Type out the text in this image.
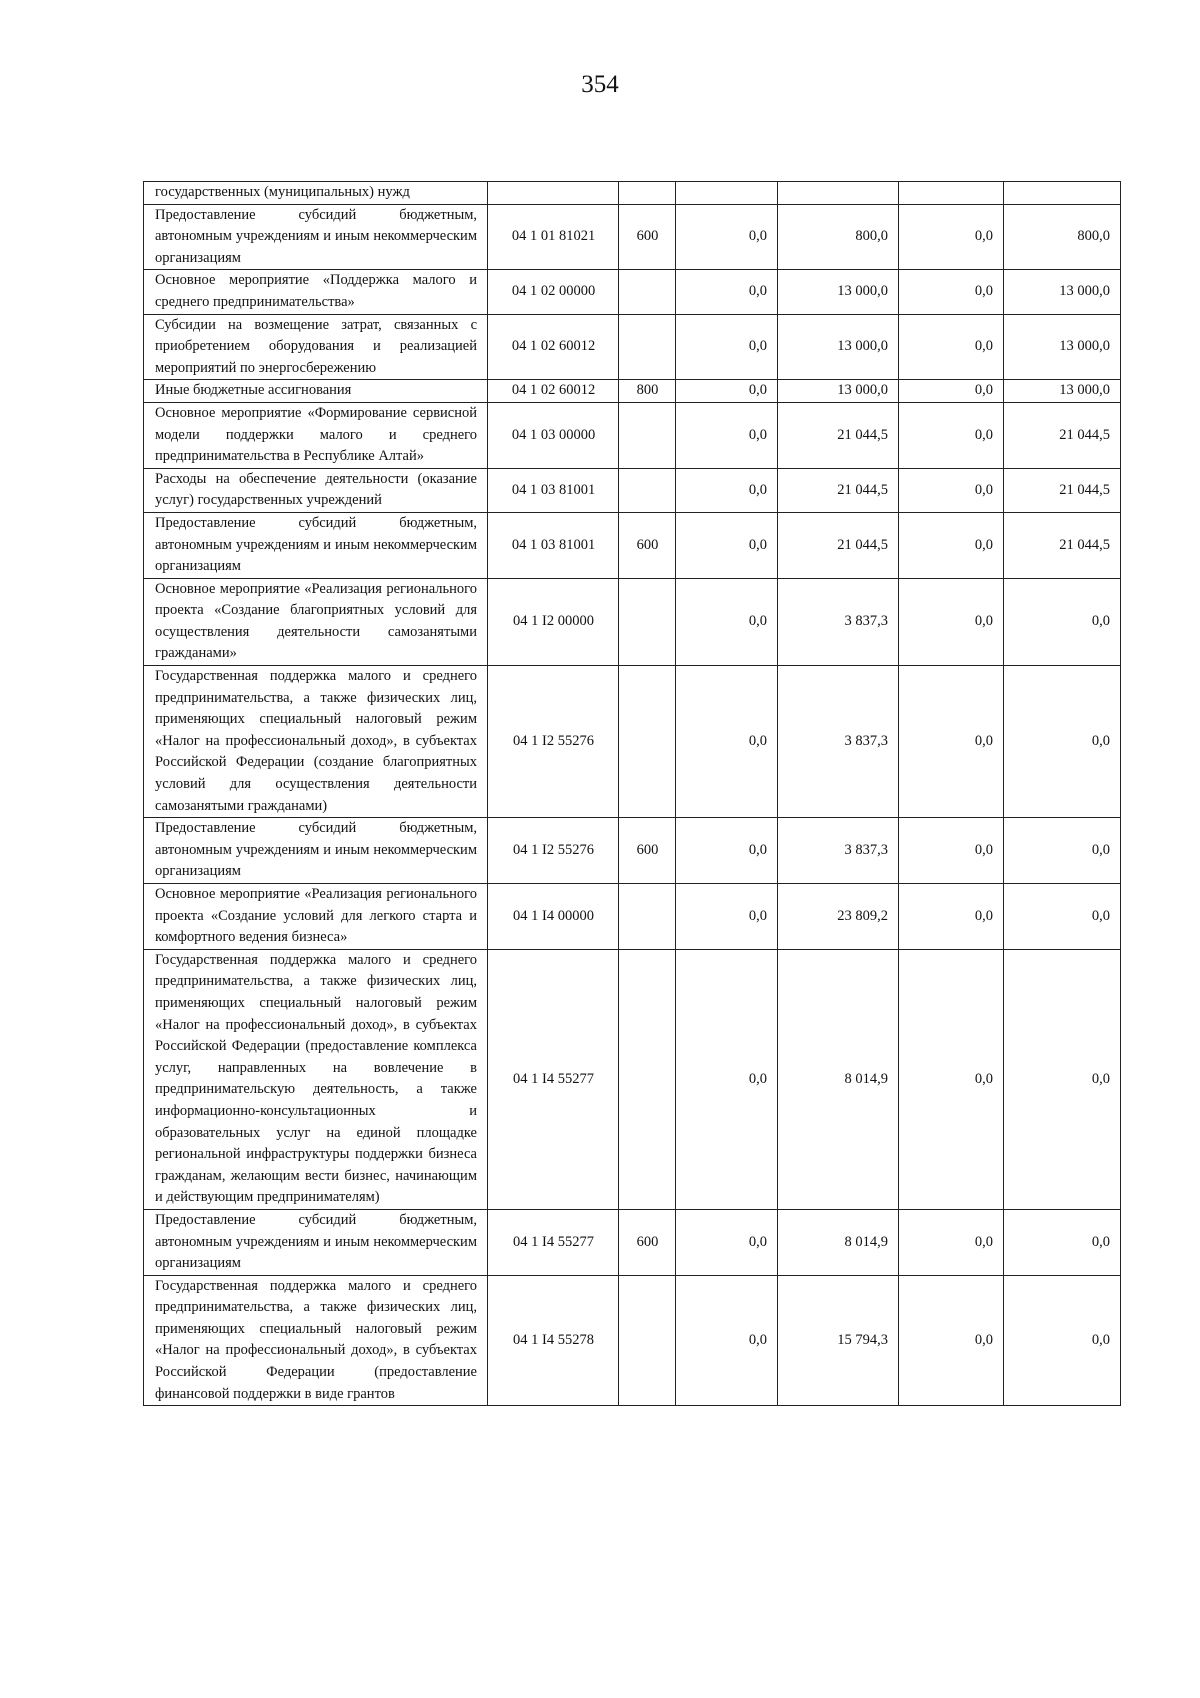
354
государственных (муниципальных) нужд						
Предоставление субсидий бюджетным, автономным учреждениям и иным некоммерческим организациям	04 1 01 81021	600	0,0	800,0	0,0	800,0
Основное мероприятие «Поддержка малого и среднего предпринимательства»	04 1 02 00000		0,0	13 000,0	0,0	13 000,0
Субсидии на возмещение затрат, связанных с приобретением оборудования и реализацией мероприятий по энергосбережению	04 1 02 60012		0,0	13 000,0	0,0	13 000,0
Иные бюджетные ассигнования	04 1 02 60012	800	0,0	13 000,0	0,0	13 000,0
Основное мероприятие «Формирование сервисной модели поддержки малого и среднего предпринимательства в Республике Алтай»	04 1 03 00000		0,0	21 044,5	0,0	21 044,5
Расходы на обеспечение деятельности (оказание услуг) государственных учреждений	04 1 03 81001		0,0	21 044,5	0,0	21 044,5
Предоставление субсидий бюджетным, автономным учреждениям и иным некоммерческим организациям	04 1 03 81001	600	0,0	21 044,5	0,0	21 044,5
Основное мероприятие «Реализация регионального проекта «Создание благоприятных условий для осуществления деятельности самозанятыми гражданами»	04 1 I2 00000		0,0	3 837,3	0,0	0,0
Государственная поддержка малого и среднего предпринимательства, а также физических лиц, применяющих специальный налоговый режим «Налог на профессиональный доход», в субъектах Российской Федерации (создание благоприятных условий для осуществления деятельности самозанятыми гражданами)	04 1 I2 55276		0,0	3 837,3	0,0	0,0
Предоставление субсидий бюджетным, автономным учреждениям и иным некоммерческим организациям	04 1 I2 55276	600	0,0	3 837,3	0,0	0,0
Основное мероприятие «Реализация регионального проекта «Создание условий для легкого старта и комфортного ведения бизнеса»	04 1 I4 00000		0,0	23 809,2	0,0	0,0
Государственная поддержка малого и среднего предпринимательства, а также физических лиц, применяющих специальный налоговый режим «Налог на профессиональный доход», в субъектах Российской Федерации (предоставление комплекса услуг, направленных на вовлечение в предпринимательскую деятельность, а также информационно-консультационных и образовательных услуг на единой площадке региональной инфраструктуры поддержки бизнеса гражданам, желающим вести бизнес, начинающим и действующим предпринимателям)	04 1 I4 55277		0,0	8 014,9	0,0	0,0
Предоставление субсидий бюджетным, автономным учреждениям и иным некоммерческим организациям	04 1 I4 55277	600	0,0	8 014,9	0,0	0,0
Государственная поддержка малого и среднего предпринимательства, а также физических лиц, применяющих специальный налоговый режим «Налог на профессиональный доход», в субъектах Российской Федерации (предоставление финансовой поддержки в виде грантов	04 1 I4 55278		0,0	15 794,3	0,0	0,0
